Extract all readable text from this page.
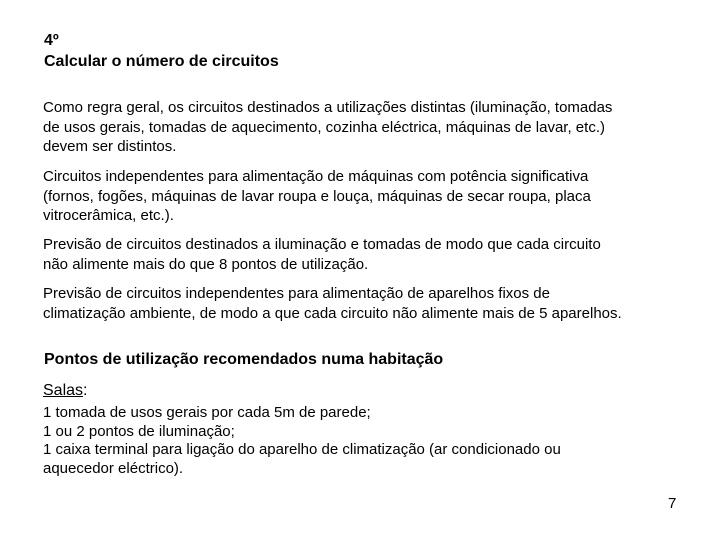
4º
Calcular o número de circuitos
Como regra geral, os circuitos destinados a utilizações distintas (iluminação, tomadas
de usos gerais, tomadas de aquecimento, cozinha eléctrica, máquinas de lavar, etc.)
devem ser distintos.
Circuitos independentes para alimentação de máquinas com potência significativa
(fornos, fogões, máquinas de lavar roupa e louça, máquinas de secar roupa, placa
vitrocerâmica, etc.).
Previsão de circuitos destinados a iluminação e tomadas de modo que cada circuito
não alimente mais do que 8 pontos de utilização.
Previsão de circuitos independentes para alimentação de aparelhos fixos de
climatização ambiente, de modo a que cada circuito não alimente mais de 5 aparelhos.
Pontos de utilização recomendados numa habitação
Salas:
1 tomada de usos gerais por cada 5m de parede;
1 ou 2 pontos de iluminação;
1 caixa terminal para ligação do aparelho de climatização (ar condicionado ou
aquecedor eléctrico).
7
